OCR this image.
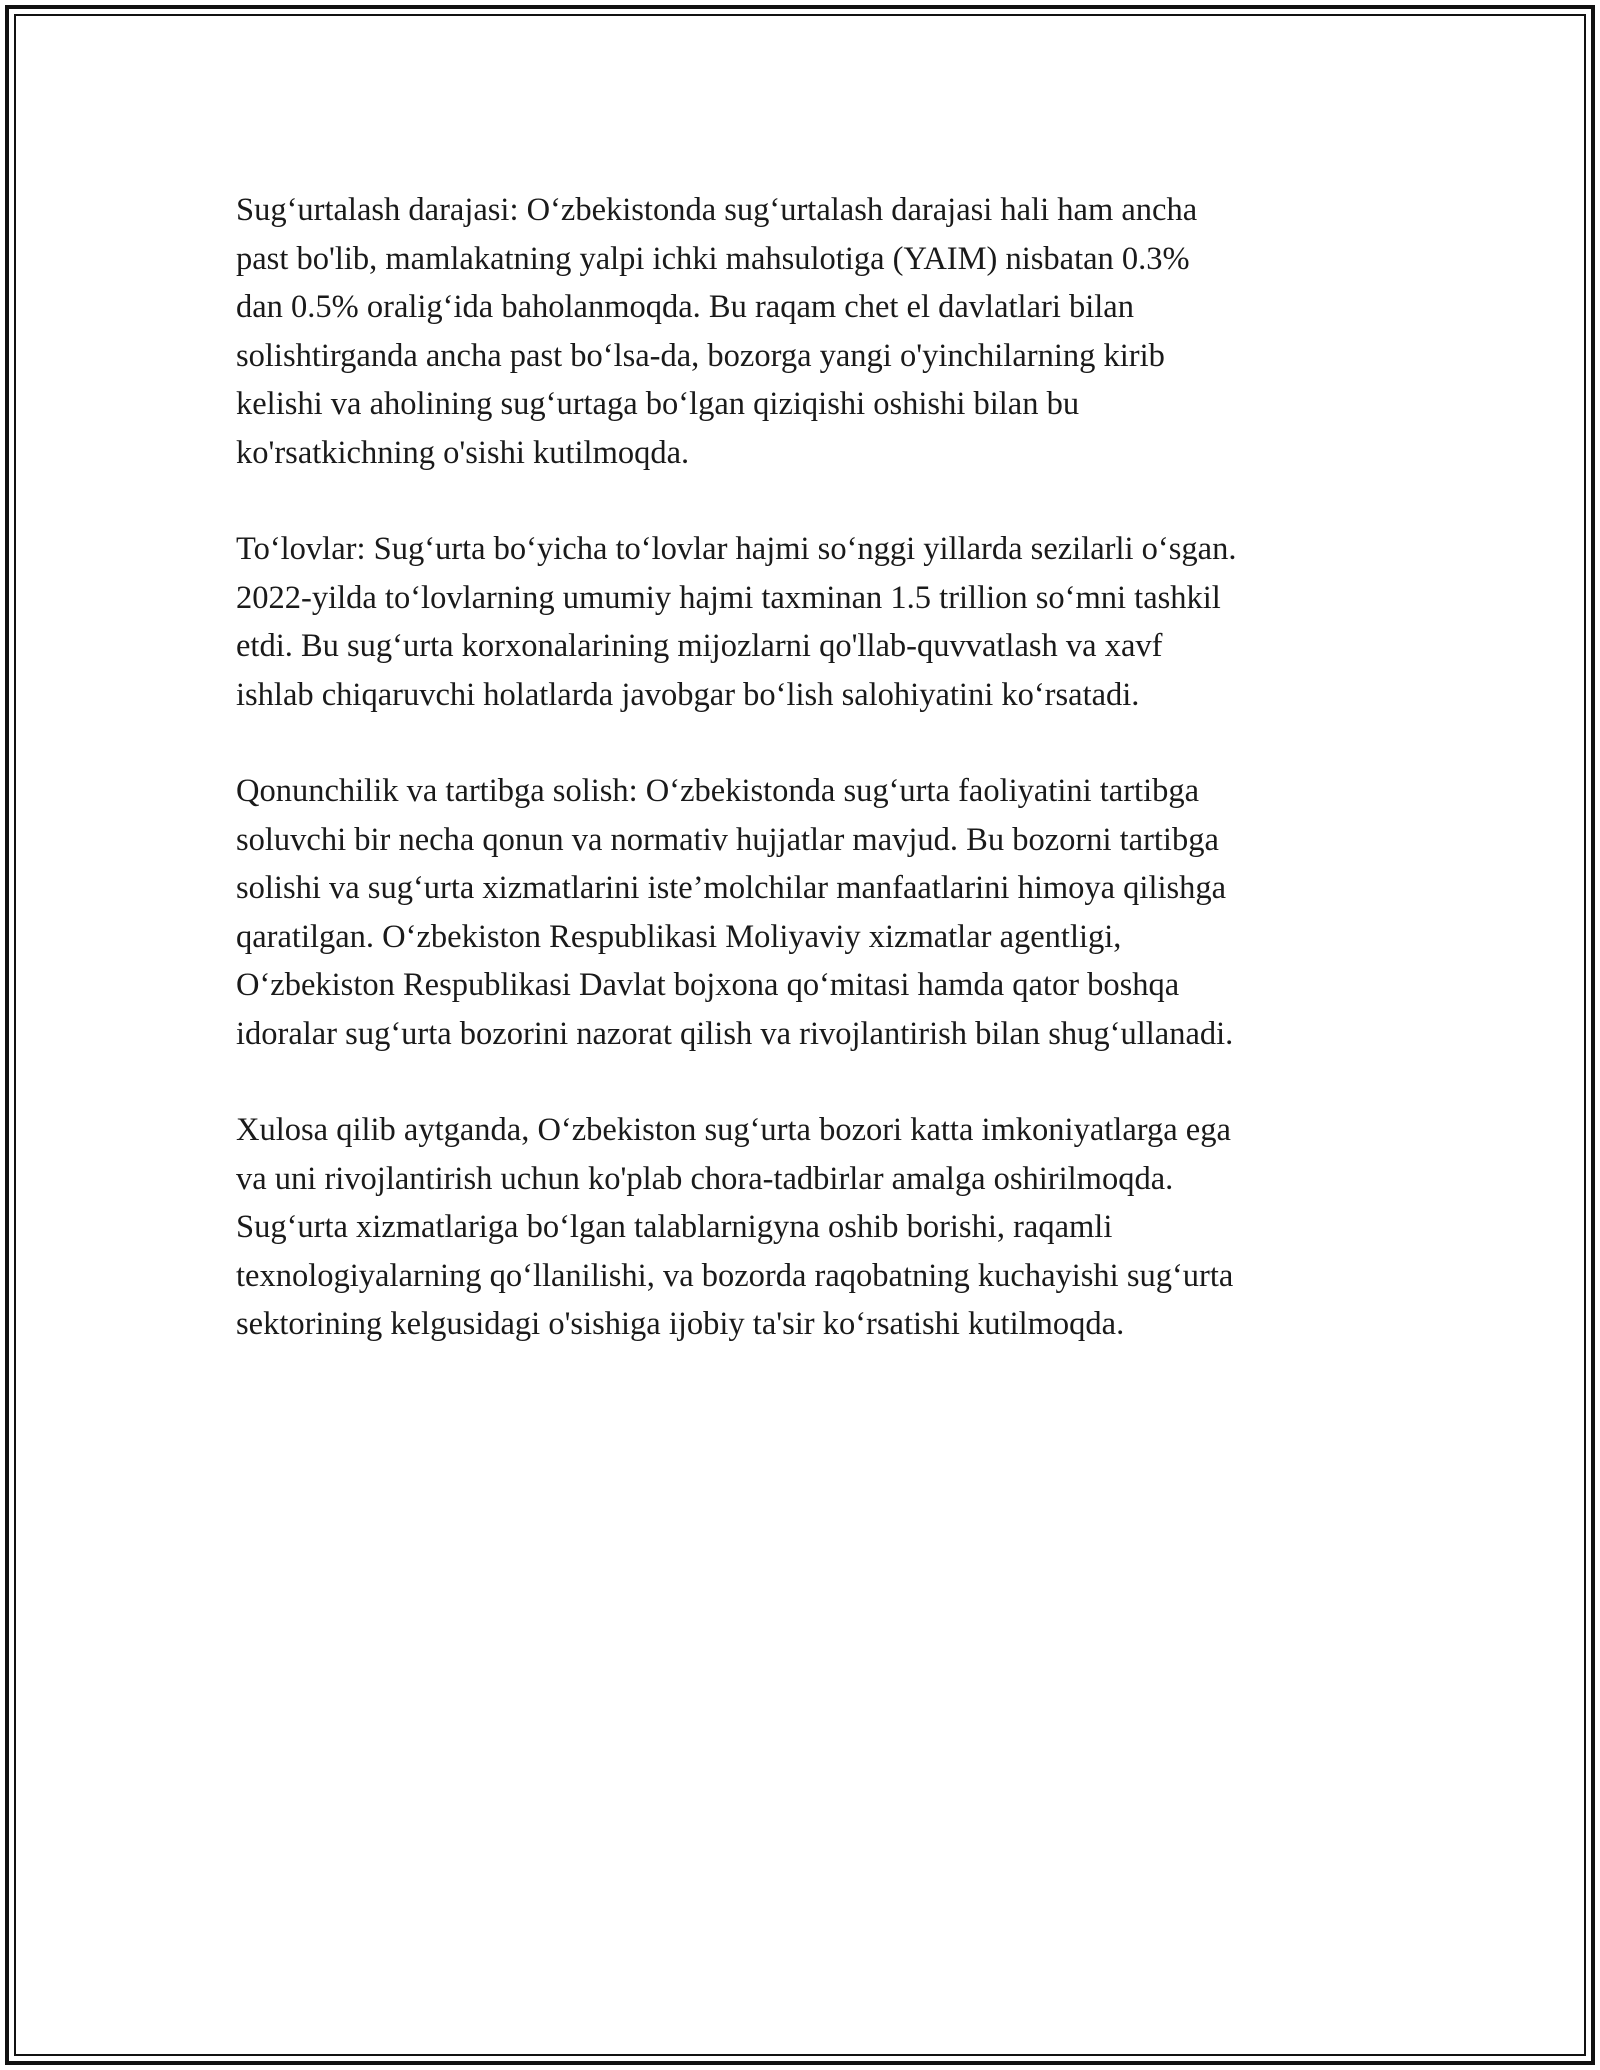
Sug‘urtalash darajasi: O‘zbekistonda sug‘urtalash darajasi hali ham ancha
past bo'lib, mamlakatning yalpi ichki mahsulotiga (YAIM) nisbatan 0.3%
dan 0.5% oralig‘ida baholanmoqda. Bu raqam chet el davlatlari bilan
solishtirganda ancha past bo‘lsa-da, bozorga yangi o'yinchilarning kirib
kelishi va aholining sug‘urtaga bo‘lgan qiziqishi oshishi bilan bu
ko'rsatkichning o'sishi kutilmoqda.

To‘lovlar: Sug‘urta bo‘yicha to‘lovlar hajmi so‘nggi yillarda sezilarli o‘sgan.
2022-yilda to‘lovlarning umumiy hajmi taxminan 1.5 trillion so‘mni tashkil
etdi. Bu sug‘urta korxonalarining mijozlarni qo'llab-quvvatlash va xavf
ishlab chiqaruvchi holatlarda javobgar bo‘lish salohiyatini ko‘rsatadi.

Qonunchilik va tartibga solish: O‘zbekistonda sug‘urta faoliyatini tartibga
soluvchi bir necha qonun va normativ hujjatlar mavjud. Bu bozorni tartibga
solishi va sug‘urta xizmatlarini iste’molchilar manfaatlarini himoya qilishga
qaratilgan. O‘zbekiston Respublikasi Moliyaviy xizmatlar agentligi,
O‘zbekiston Respublikasi Davlat bojxona qo‘mitasi hamda qator boshqa
idoralar sug‘urta bozorini nazorat qilish va rivojlantirish bilan shug‘ullanadi.

Xulosa qilib aytganda, O‘zbekiston sug‘urta bozori katta imkoniyatlarga ega
va uni rivojlantirish uchun ko'plab chora-tadbirlar amalga oshirilmoqda.
Sug‘urta xizmatlariga bo‘lgan talablarnigyna oshib borishi, raqamli
texnologiyalarning qo‘llanilishi, va bozorda raqobatning kuchayishi sug‘urta
sektorining kelgusidagi o'sishiga ijobiy ta'sir ko‘rsatishi kutilmoqda.
